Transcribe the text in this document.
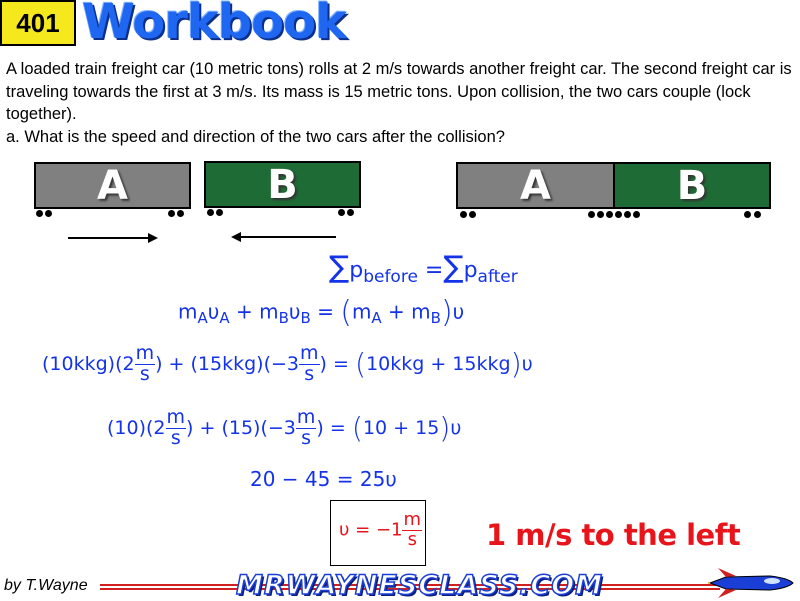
401 Workbook

A loaded train freight car (10 metric tons) rolls at 2 m/s towards another freight car. The second freight car is traveling towards the first at 3 m/s. Its mass is 15 metric tons. Upon collision, the two cars couple (lock together).

a. What is the speed and direction of the two cars after the collision?

A	B	A	B
$\sum p_{before} =\sum p_{after}$
$m_A\upsilon_A + m_B\upsilon_B = (m_A + m_B)\upsilon$
$(10kkg)(2 \frac{m}{s}$ ) + $(15kkg)(-3 \frac{m}{s}$ ) = (10kkg + 15kkg)υ
$(10)(2 \frac{m}{s}$ ) + $(15)(-3 \frac{m}{s}$ ) = (10 + 15)υ
20 − 45 = 25υ
$\upsilon = -1 \frac{m}{s} 1$ m/s to the left
by T.Wayne	MRWAYNESCLASS.COM
